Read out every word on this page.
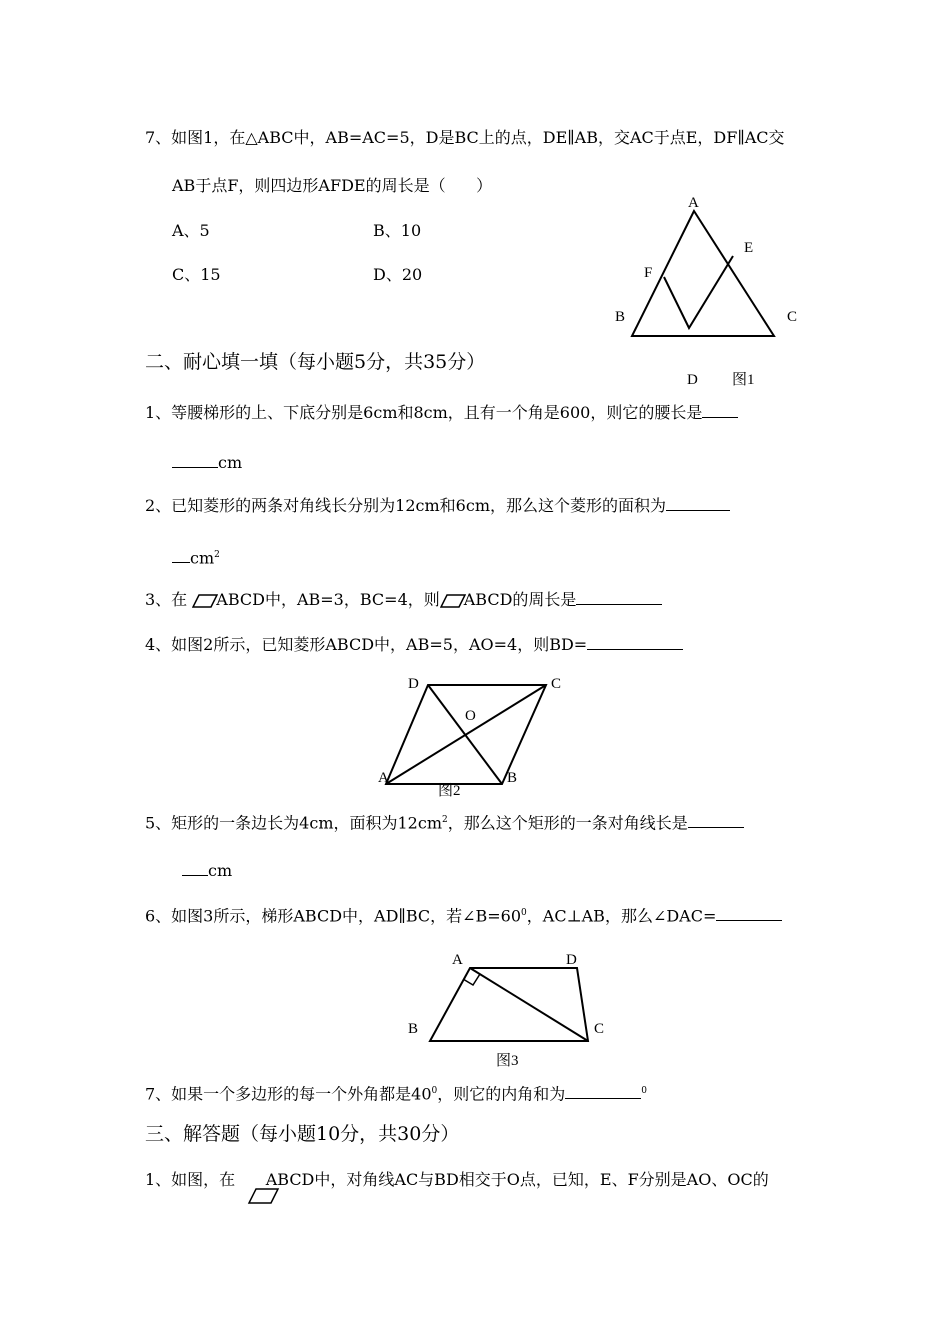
7、如图1，在△ABC中，AB=AC=5，D是BC上的点，DE∥AB，交AC于点E，DF∥AC交
AB于点F，则四边形AFDE的周长是（      ）
A、5	B、10
C、15	D、20
A
B	C
D
E
F
图1
二、耐心填一填（每小题5分，共35分）
1、等腰梯形的上、下底分别是6cm和8cm，且有一个角是600，则它的腰长是
cm
2、已知菱形的两条对角线长分别为12cm和6cm，那么这个菱形的面积为
$cm^2$
3、在 ABCD中，AB=3，BC=4，则 ABCD的周长是
4、如图2所示，已知菱形ABCD中，AB=5，AO=4，则BD=
D	C
O
A	B
图2
5、矩形的一条边长为4cm，面积为$12cm^2$，那么这个矩形的一条对角线长是
cm
6、如图3所示，梯形ABCD中，AD∥BC，若$\angle B=60^0$，AC⊥AB，那么∠DAC=
A	D
B	C
图3
7、如果一个多边形的每一个外角都是$40^0$，则它的内角和为	$^0$
三、解答题（每小题10分，共30分）
1、如图，在 ABCD中，对角线AC与BD相交于O点，已知，E、F分别是AO、OC的
